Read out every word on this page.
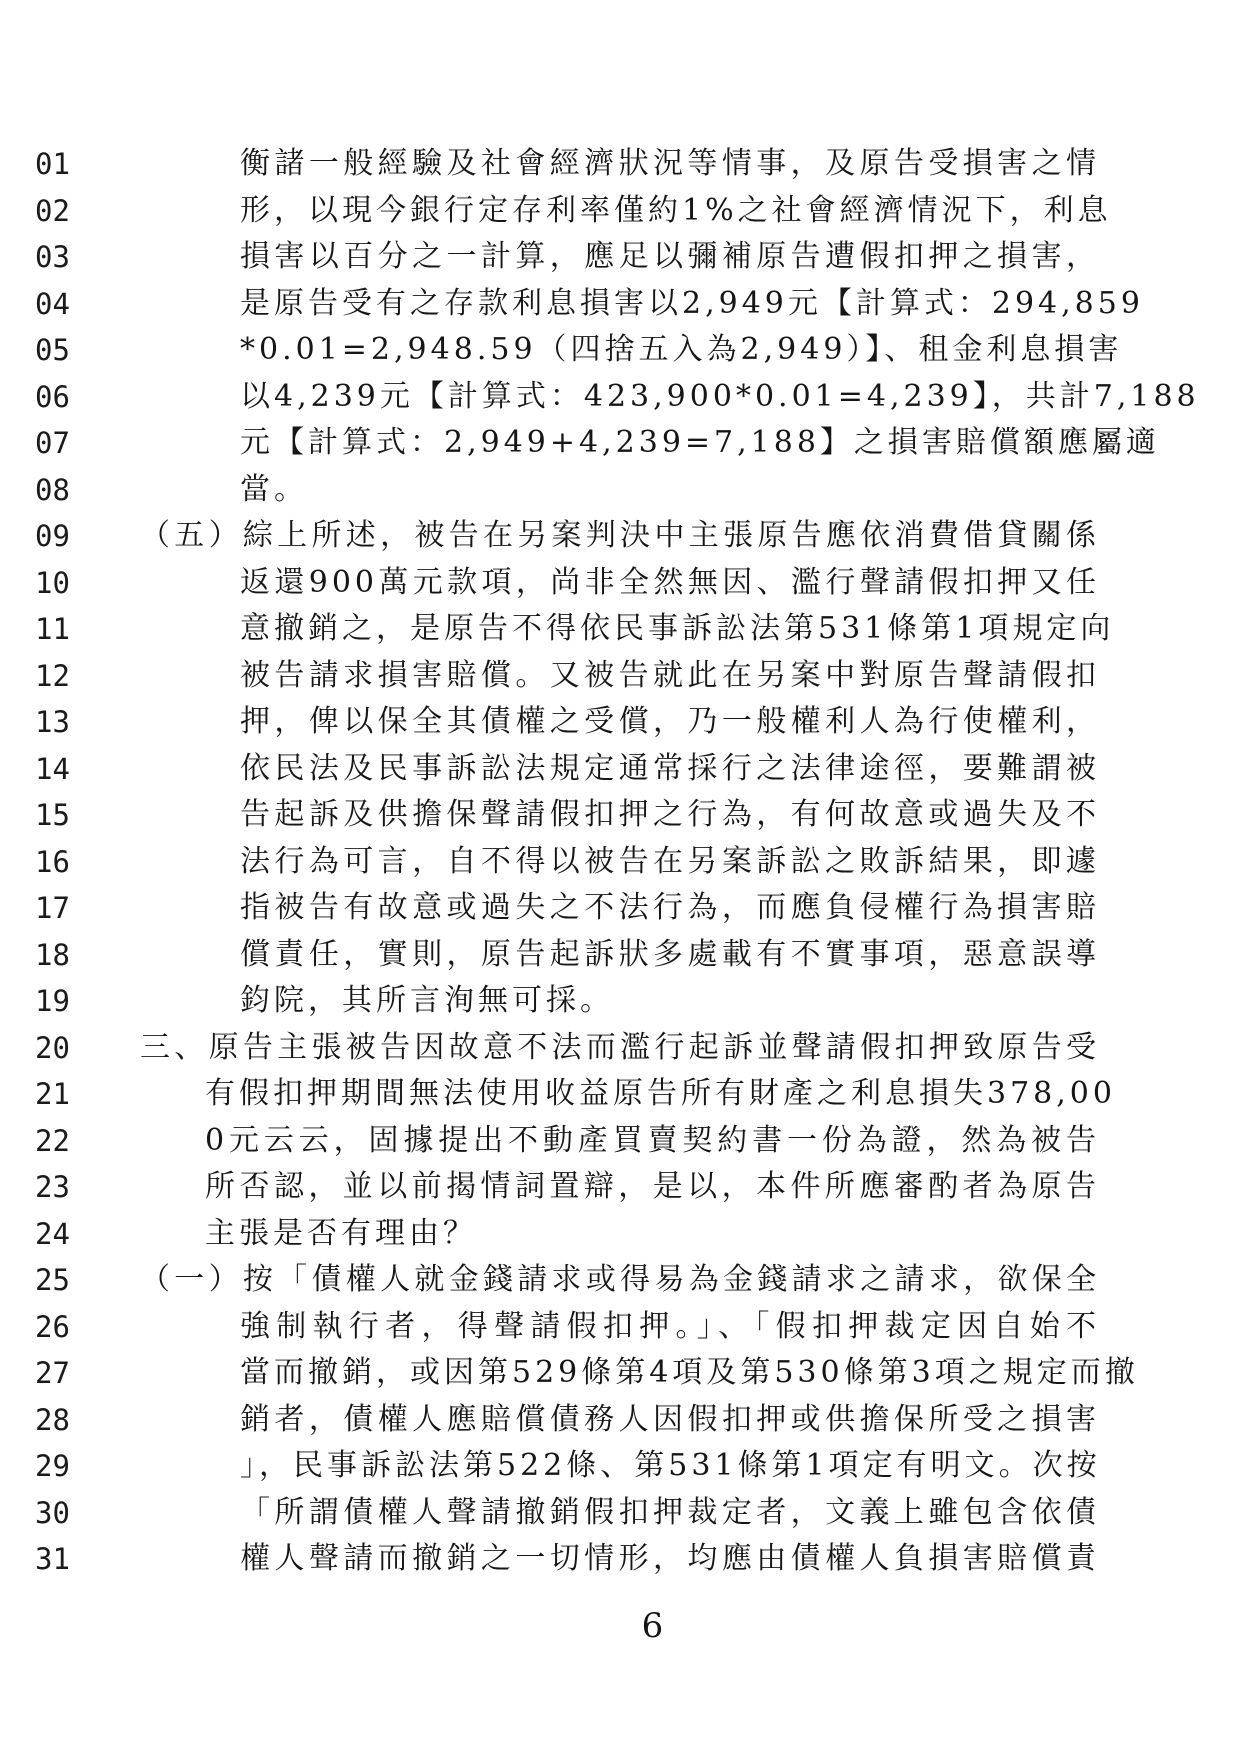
01	衡諸一般經驗及社會經濟狀況等情事，及原告受損害之情
02	形，以現今銀行定存利率僅約1%之社會經濟情況下，利息
03	損害以百分之一計算，應足以彌補原告遭假扣押之損害，
04	是原告受有之存款利息損害以2,949元【計算式：294,859
05	*0.01=2,948.59（四捨五入為2,949）】、租金利息損害
06	以4,239元【計算式：423,900*0.01=4,239】，共計7,188
07	元【計算式：2,949+4,239=7,188】之損害賠償額應屬適
08	當。
09 （五）綜上所述，被告在另案判決中主張原告應依消費借貸關係
10	返還900萬元款項，尚非全然無因、濫行聲請假扣押又任
11	意撤銷之，是原告不得依民事訴訟法第531條第1項規定向
12	被告請求損害賠償。又被告就此在另案中對原告聲請假扣
13	押，俾以保全其債權之受償，乃一般權利人為行使權利，
14	依民法及民事訴訟法規定通常採行之法律途徑，要難謂被
15	告起訴及供擔保聲請假扣押之行為，有何故意或過失及不
16	法行為可言，自不得以被告在另案訴訟之敗訴結果，即遽
17	指被告有故意或過失之不法行為，而應負侵權行為損害賠
18	償責任，實則，原告起訴狀多處載有不實事項，惡意誤導
19	鈞院，其所言洵無可採。
20 三、原告主張被告因故意不法而濫行起訴並聲請假扣押致原告受
21	有假扣押期間無法使用收益原告所有財產之利息損失378,00
22	0元云云，固據提出不動產買賣契約書一份為證，然為被告
23	所否認，並以前揭情詞置辯，是以，本件所應審酌者為原告
24	主張是否有理由？
25 （一）按「債權人就金錢請求或得易為金錢請求之請求，欲保全
26	強制執行者，得聲請假扣押。」、「假扣押裁定因自始不
27	當而撤銷，或因第529條第4項及第530條第3項之規定而撤
28	銷者，債權人應賠償債務人因假扣押或供擔保所受之損害
29	」，民事訴訟法第522條、第531條第1項定有明文。次按
30	「所謂債權人聲請撤銷假扣押裁定者，文義上雖包含依債
31	權人聲請而撤銷之一切情形，均應由債權人負損害賠償責
6
